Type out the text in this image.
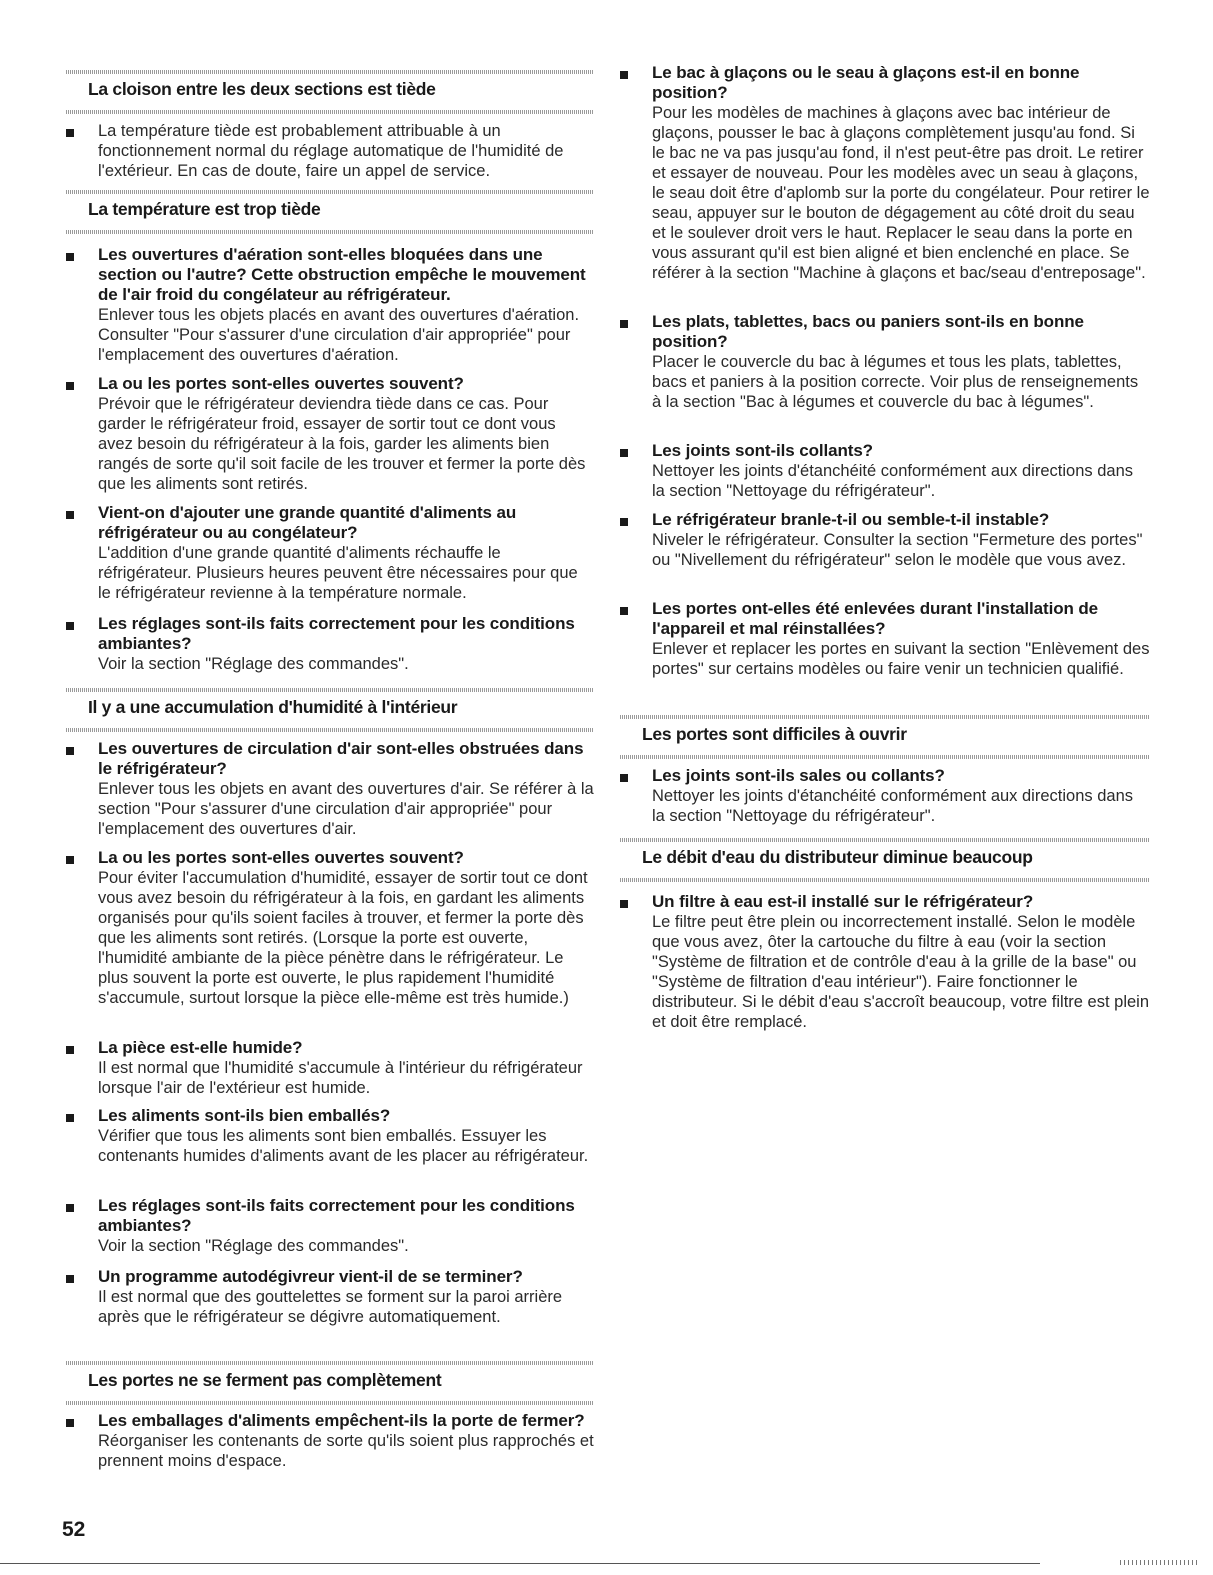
La cloison entre les deux sections est tiède
La température tiède est probablement attribuable à un fonctionnement normal du réglage automatique de l'humidité de l'extérieur. En cas de doute, faire un appel de service.
La température est trop tiède
Les ouvertures d'aération sont-elles bloquées dans une section ou l'autre? Cette obstruction empêche le mouvement de l'air froid du congélateur au réfrigérateur.
Enlever tous les objets placés en avant des ouvertures d'aération. Consulter "Pour s'assurer d'une circulation d'air appropriée" pour l'emplacement des ouvertures d'aération.
La ou les portes sont-elles ouvertes souvent?
Prévoir que le réfrigérateur deviendra tiède dans ce cas. Pour garder le réfrigérateur froid, essayer de sortir tout ce dont vous avez besoin du réfrigérateur à la fois, garder les aliments bien rangés de sorte qu'il soit facile de les trouver et fermer la porte dès que les aliments sont retirés.
Vient-on d'ajouter une grande quantité d'aliments au réfrigérateur ou au congélateur?
L'addition d'une grande quantité d'aliments réchauffe le réfrigérateur. Plusieurs heures peuvent être nécessaires pour que le réfrigérateur revienne à la température normale.
Les réglages sont-ils faits correctement pour les conditions ambiantes?
Voir la section "Réglage des commandes".
Il y a une accumulation d'humidité à l'intérieur
Les ouvertures de circulation d'air sont-elles obstruées dans le réfrigérateur?
Enlever tous les objets en avant des ouvertures d'air. Se référer à la section "Pour s'assurer d'une circulation d'air appropriée" pour l'emplacement des ouvertures d'air.
La ou les portes sont-elles ouvertes souvent?
Pour éviter l'accumulation d'humidité, essayer de sortir tout ce dont vous avez besoin du réfrigérateur à la fois, en gardant les aliments organisés pour qu'ils soient faciles à trouver, et fermer la porte dès que les aliments sont retirés. (Lorsque la porte est ouverte, l'humidité ambiante de la pièce pénètre dans le réfrigérateur. Le plus souvent la porte est ouverte, le plus rapidement l'humidité s'accumule, surtout lorsque la pièce elle-même est très humide.)
La pièce est-elle humide?
Il est normal que l'humidité s'accumule à l'intérieur du réfrigérateur lorsque l'air de l'extérieur est humide.
Les aliments sont-ils bien emballés?
Vérifier que tous les aliments sont bien emballés. Essuyer les contenants humides d'aliments avant de les placer au réfrigérateur.
Les réglages sont-ils faits correctement pour les conditions ambiantes?
Voir la section "Réglage des commandes".
Un programme autodégivreur vient-il de se terminer?
Il est normal que des gouttelettes se forment sur la paroi arrière après que le réfrigérateur se dégivre automatiquement.
Les portes ne se ferment pas complètement
Les emballages d'aliments empêchent-ils la porte de fermer?
Réorganiser les contenants de sorte qu'ils soient plus rapprochés et prennent moins d'espace.
Le bac à glaçons ou le seau à glaçons est-il en bonne position?
Pour les modèles de machines à glaçons avec bac intérieur de glaçons, pousser le bac à glaçons complètement jusqu'au fond. Si le bac ne va pas jusqu'au fond, il n'est peut-être pas droit. Le retirer et essayer de nouveau. Pour les modèles avec un seau à glaçons, le seau doit être d'aplomb sur la porte du congélateur. Pour retirer le seau, appuyer sur le bouton de dégagement au côté droit du seau et le soulever droit vers le haut. Replacer le seau dans la porte en vous assurant qu'il est bien aligné et bien enclenché en place. Se référer à la section "Machine à glaçons et bac/seau d'entreposage".
Les plats, tablettes, bacs ou paniers sont-ils en bonne position?
Placer le couvercle du bac à légumes et tous les plats, tablettes, bacs et paniers à la position correcte. Voir plus de renseignements à la section "Bac à légumes et couvercle du bac à légumes".
Les joints sont-ils collants?
Nettoyer les joints d'étanchéité conformément aux directions dans la section "Nettoyage du réfrigérateur".
Le réfrigérateur branle-t-il ou semble-t-il instable?
Niveler le réfrigérateur. Consulter la section "Fermeture des portes" ou "Nivellement du réfrigérateur" selon le modèle que vous avez.
Les portes ont-elles été enlevées durant l'installation de l'appareil et mal réinstallées?
Enlever et replacer les portes en suivant la section "Enlèvement des portes" sur certains modèles ou faire venir un technicien qualifié.
Les portes sont difficiles à ouvrir
Les joints sont-ils sales ou collants?
Nettoyer les joints d'étanchéité conformément aux directions dans la section "Nettoyage du réfrigérateur".
Le débit d'eau du distributeur diminue beaucoup
Un filtre à eau est-il installé sur le réfrigérateur?
Le filtre peut être plein ou incorrectement installé. Selon le modèle que vous avez, ôter la cartouche du filtre à eau (voir la section "Système de filtration et de contrôle d'eau à la grille de la base" ou "Système de filtration d'eau intérieur"). Faire fonctionner le distributeur. Si le débit d'eau s'accroît beaucoup, votre filtre est plein et doit être remplacé.
52
